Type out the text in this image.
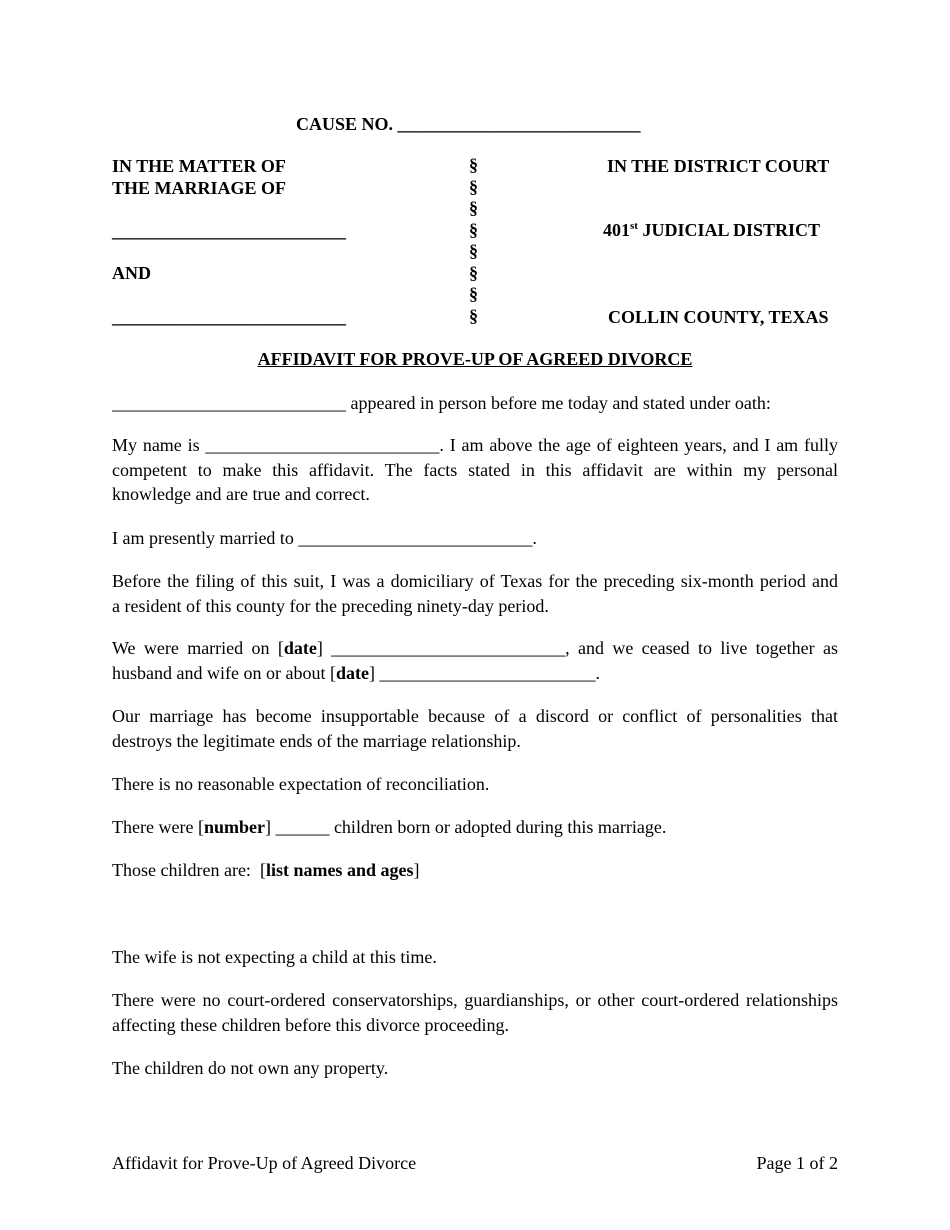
CAUSE NO. ___________________________
IN THE MATTER OF
THE MARRIAGE OF
__________________________
AND
__________________________
§
§
§
§
§
§
§
§
IN THE DISTRICT COURT
401st JUDICIAL DISTRICT
COLLIN COUNTY, TEXAS
AFFIDAVIT FOR PROVE-UP OF AGREED DIVORCE
__________________________ appeared in person before me today and stated under oath:
My name is __________________________. I am above the age of eighteen years, and I am fully
competent to make this affidavit. The facts stated in this affidavit are within my personal
knowledge and are true and correct.
I am presently married to __________________________.
Before the filing of this suit, I was a domiciliary of Texas for the preceding six-month period and
a resident of this county for the preceding ninety-day period.
We were married on [date] __________________________, and we ceased to live together as
husband and wife on or about [date] ________________________.
Our marriage has become insupportable because of a discord or conflict of personalities that
destroys the legitimate ends of the marriage relationship.
There is no reasonable expectation of reconciliation.
There were [number] ______ children born or adopted during this marriage.
Those children are:  [list names and ages]
The wife is not expecting a child at this time.
There were no court-ordered conservatorships, guardianships, or other court-ordered relationships
affecting these children before this divorce proceeding.
The children do not own any property.
Affidavit for Prove-Up of Agreed Divorce	Page 1 of 2
